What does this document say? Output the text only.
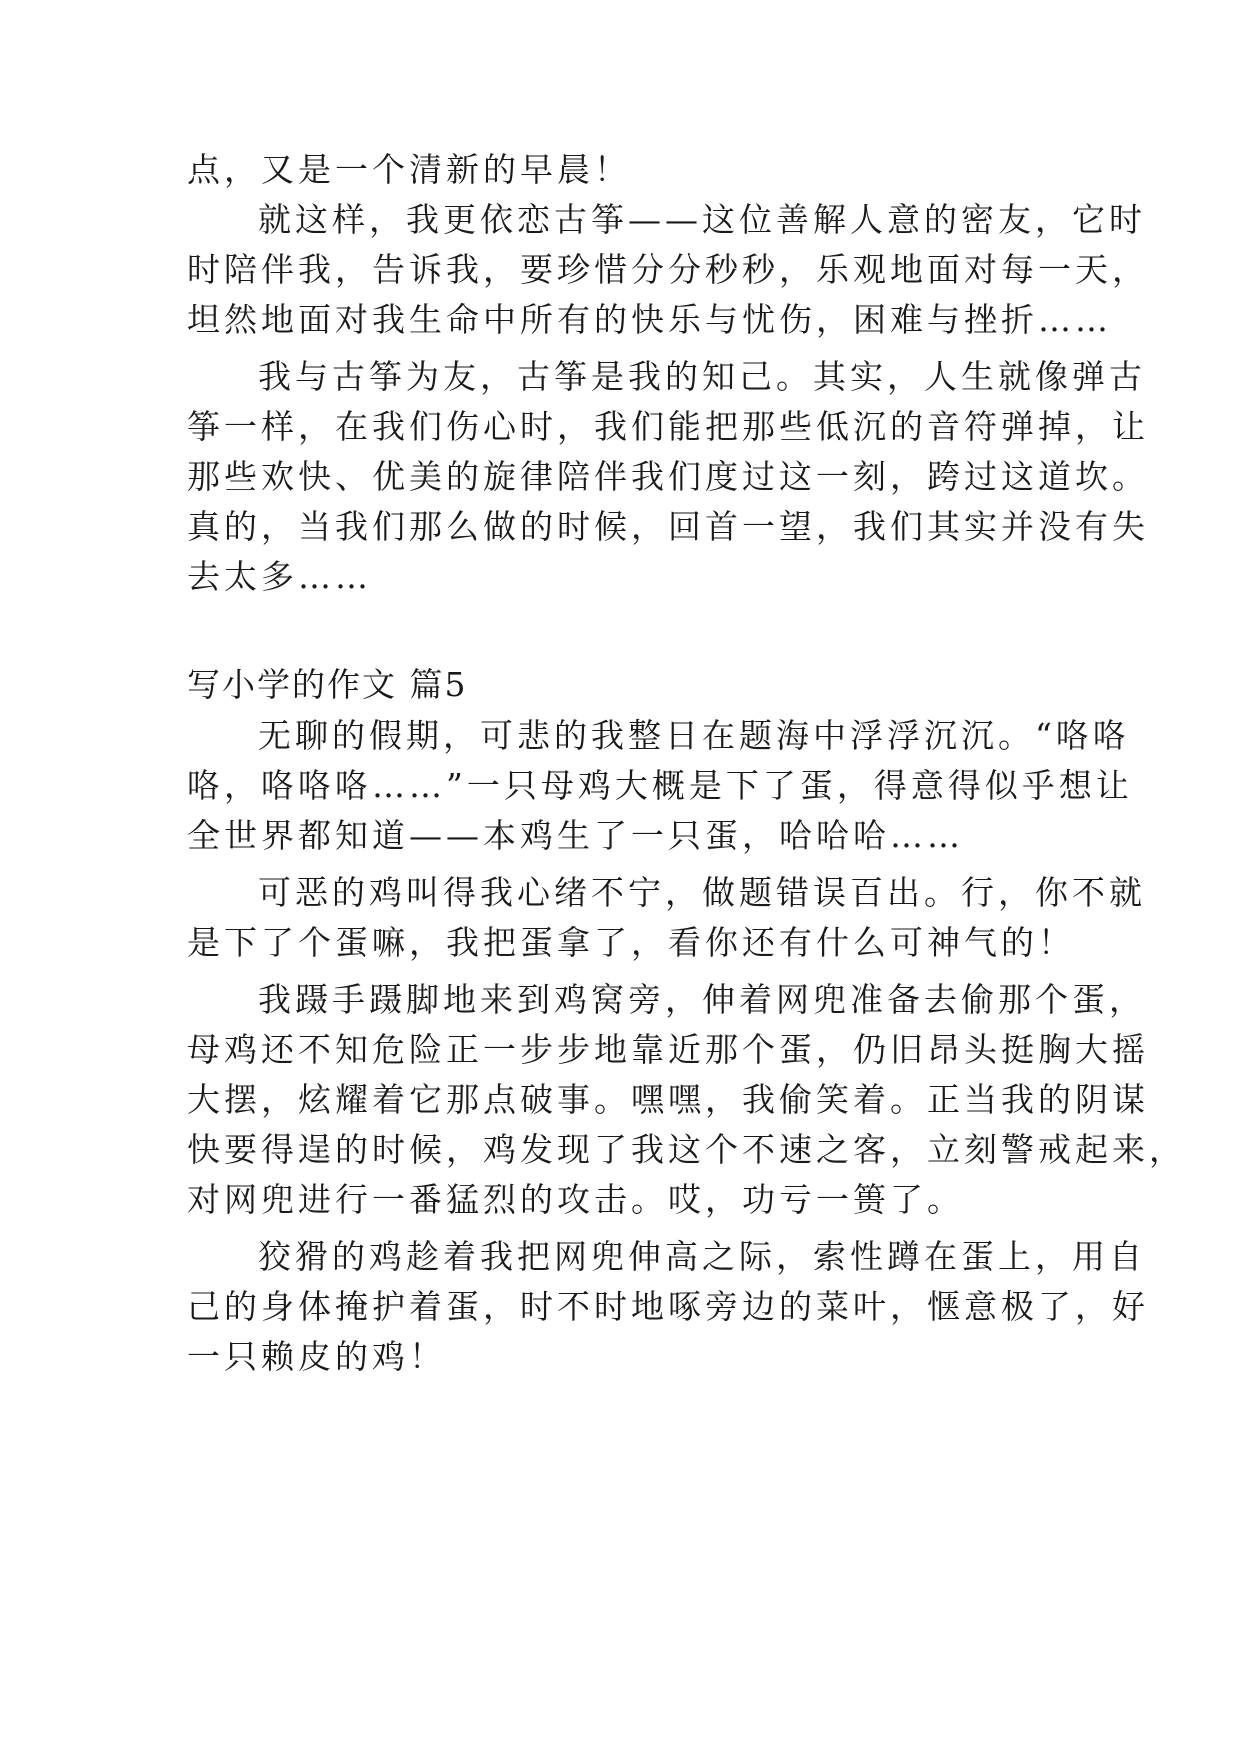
点，又是一个清新的早晨！

就这样，我更依恋古筝——这位善解人意的密友，它时

时陪伴我，告诉我，要珍惜分分秒秒，乐观地面对每一天，

坦然地面对我生命中所有的快乐与忧伤，困难与挫折……

我与古筝为友，古筝是我的知己。其实，人生就像弹古

筝一样，在我们伤心时，我们能把那些低沉的音符弹掉，让

那些欢快、优美的旋律陪伴我们度过这一刻，跨过这道坎。

真的，当我们那么做的时候，回首一望，我们其实并没有失

去太多……

写小学的作文 篇5

无聊的假期，可悲的我整日在题海中浮浮沉沉。“咯咯

咯，咯咯咯……”一只母鸡大概是下了蛋，得意得似乎想让

全世界都知道——本鸡生了一只蛋，哈哈哈……

可恶的鸡叫得我心绪不宁，做题错误百出。行，你不就

是下了个蛋嘛，我把蛋拿了，看你还有什么可神气的！

我蹑手蹑脚地来到鸡窝旁，伸着网兜准备去偷那个蛋，

母鸡还不知危险正一步步地靠近那个蛋，仍旧昂头挺胸大摇

大摆，炫耀着它那点破事。嘿嘿，我偷笑着。正当我的阴谋

快要得逞的时候，鸡发现了我这个不速之客，立刻警戒起来，

对网兜进行一番猛烈的攻击。哎，功亏一篑了。

狡猾的鸡趁着我把网兜伸高之际，索性蹲在蛋上，用自

己的身体掩护着蛋，时不时地啄旁边的菜叶，惬意极了，好

一只赖皮的鸡！
